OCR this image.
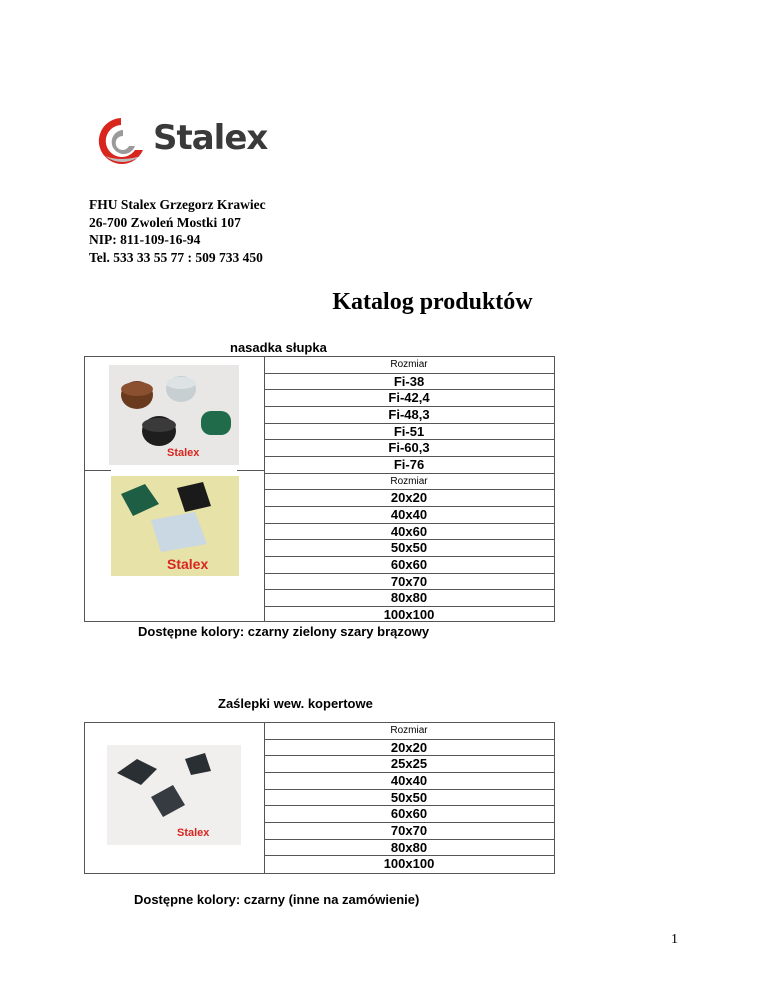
Stalex
FHU Stalex Grzegorz Krawiec
26-700 Zwoleń Mostki 107
NIP: 811-109-16-94
Tel. 533 33 55 77 : 509 733 450
Katalog produktów
nasadka słupka
Stalex
Stalex
Rozmiar
Fi-38
Fi-42,4
Fi-48,3
Fi-51
Fi-60,3
Fi-76
Rozmiar
20x20
40x40
40x60
50x50
60x60
70x70
80x80
100x100
Dostępne kolory: czarny zielony szary brązowy
Zaślepki wew. kopertowe
Stalex
Rozmiar
20x20
25x25
40x40
50x50
60x60
70x70
80x80
100x100
Dostępne kolory: czarny (inne na zamówienie)
1
